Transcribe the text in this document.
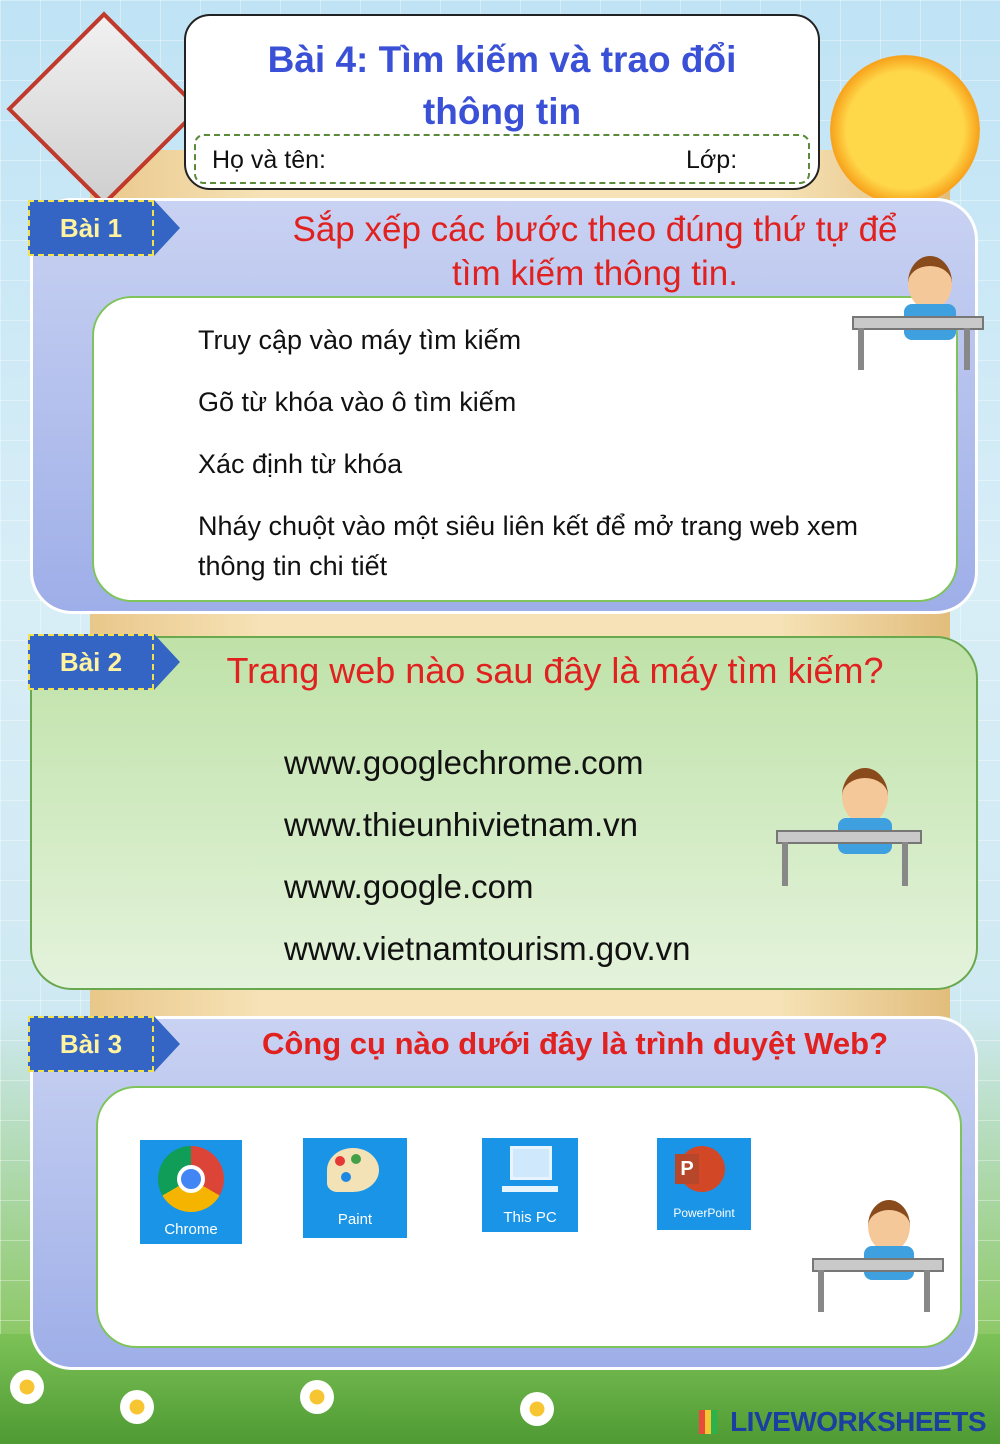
Bài 4: Tìm kiếm và trao đổi
thông tin
Họ và tên:	Lớp:
Bài 1	Sắp xếp các bước theo đúng thứ tự để
tìm kiếm thông tin.
Truy cập vào máy tìm kiếm
Gõ từ khóa vào ô tìm kiếm
Xác định từ khóa
Nháy chuột vào một siêu liên kết để mở trang web xem
thông tin chi tiết
Bài 2	Trang web nào sau đây là máy tìm kiếm?
www.googlechrome.com
www.thieunhivietnam.vn
www.google.com
www.vietnamtourism.gov.vn
Bài 3	Công cụ nào dưới đây là trình duyệt Web?
Chrome
Paint	This PC
P
PowerPoint
LIVEWORKSHEETS
